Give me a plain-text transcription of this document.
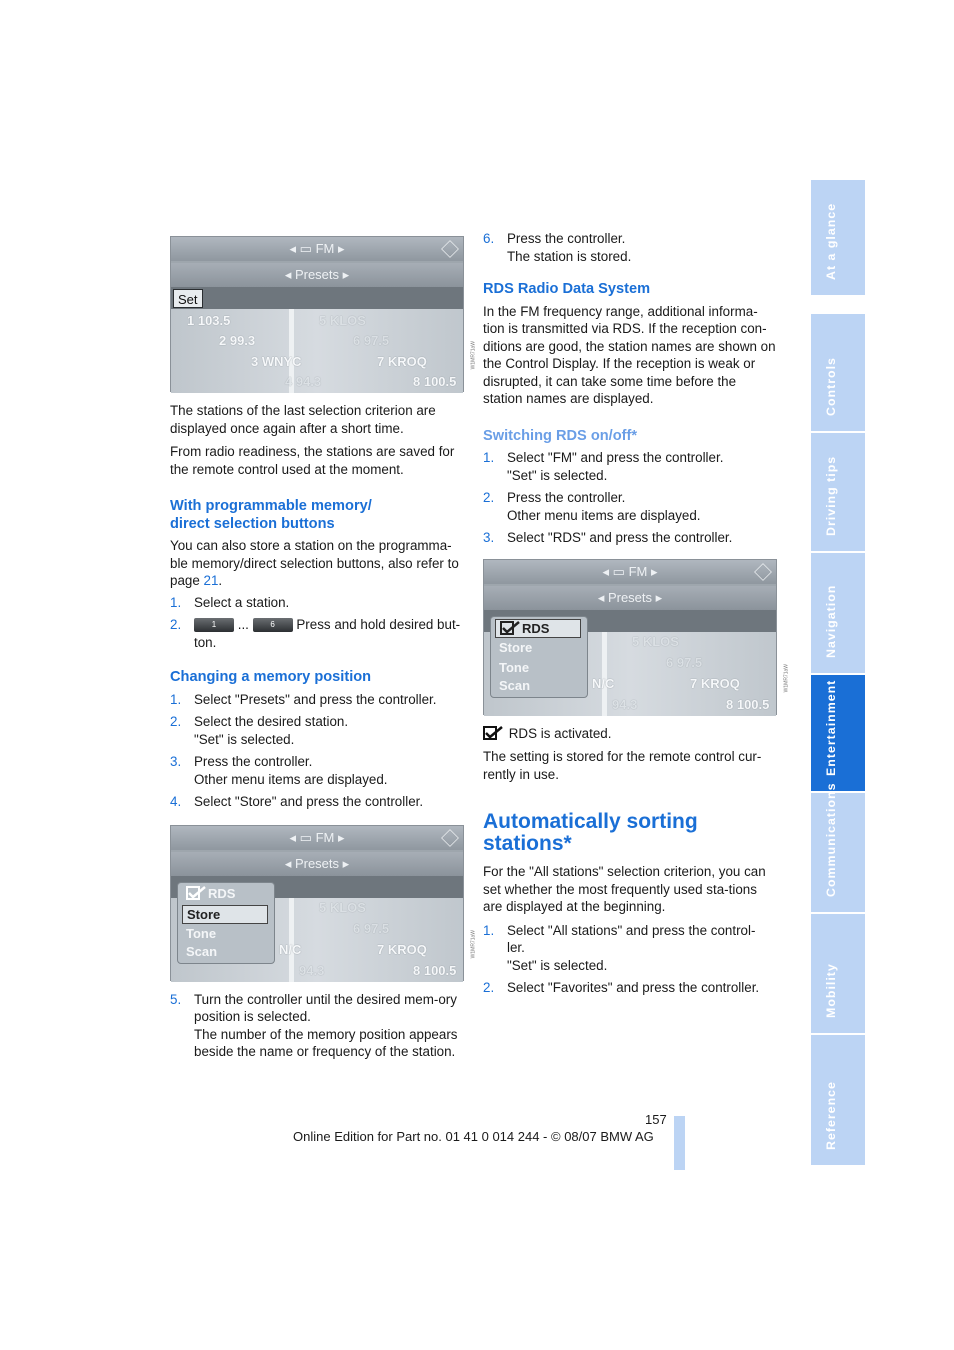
◂ ▭ FM ▸
◂ Presets ▸
Set
1 103.5	5 KLOS
2 99.3	6 97.5
3 WNYC	7 KROQ
4 94.3	8 100.5
W1MR71aW

The stations of the last selection criterion are displayed once again after a short time.

From radio readiness, the stations are saved for the remote control used at the moment.

With programmable memory/ direct selection buttons

You can also store a station on the programma-ble memory/direct selection buttons, also refer to page 21.

1. Select a station.
2.	1 ...	6 Press and hold desired but-ton.
Changing a memory position
1. Select "Presets" and press the controller.
2. Select the desired station.
"Set" is selected.
3. Press the controller.
Other menu items are displayed.
4. Select "Store" and press the controller.
◂ ▭ FM ▸
◂ Presets ▸
5 KLOS
6 97.5
N/C	7 KROQ
94.3	8 100.5
RDS
Store
Tone
Scan	W1MR71aW
5. Turn the controller until the desired mem-ory position is selected.
The number of the memory position appears beside the name or frequency of the station.
6. Press the controller.
The station is stored.
RDS Radio Data System

In the FM frequency range, additional informa-tion is transmitted via RDS. If the reception con-ditions are good, the station names are shown on the Control Display. If the reception is weak or disrupted, it can take some time before the station names are displayed.

Switching RDS on/off*
1. Select "FM" and press the controller.
"Set" is selected.
2. Press the controller.
Other menu items are displayed.
3. Select "RDS" and press the controller.
◂ ▭ FM ▸
◂ Presets ▸
5 KLOS
6 97.5
N/C	7 KROQ
94.3	8 100.5
RDS
Store
Tone
Scan	W1MR71aW

RDS is activated.

The setting is stored for the remote control cur-rently in use.

Automatically sorting stations*

For the "All stations" selection criterion, you can set whether the most frequently used sta-tions are displayed at the beginning.

1. Select "All stations" and press the control-ler.
"Set" is selected.
2. Select "Favorites" and press the controller.
At a glance
Controls
Driving tips
Navigation
Entertainment
Communications
Mobility
Reference
157
Online Edition for Part no. 01 41 0 014 244 - © 08/07 BMW AG
